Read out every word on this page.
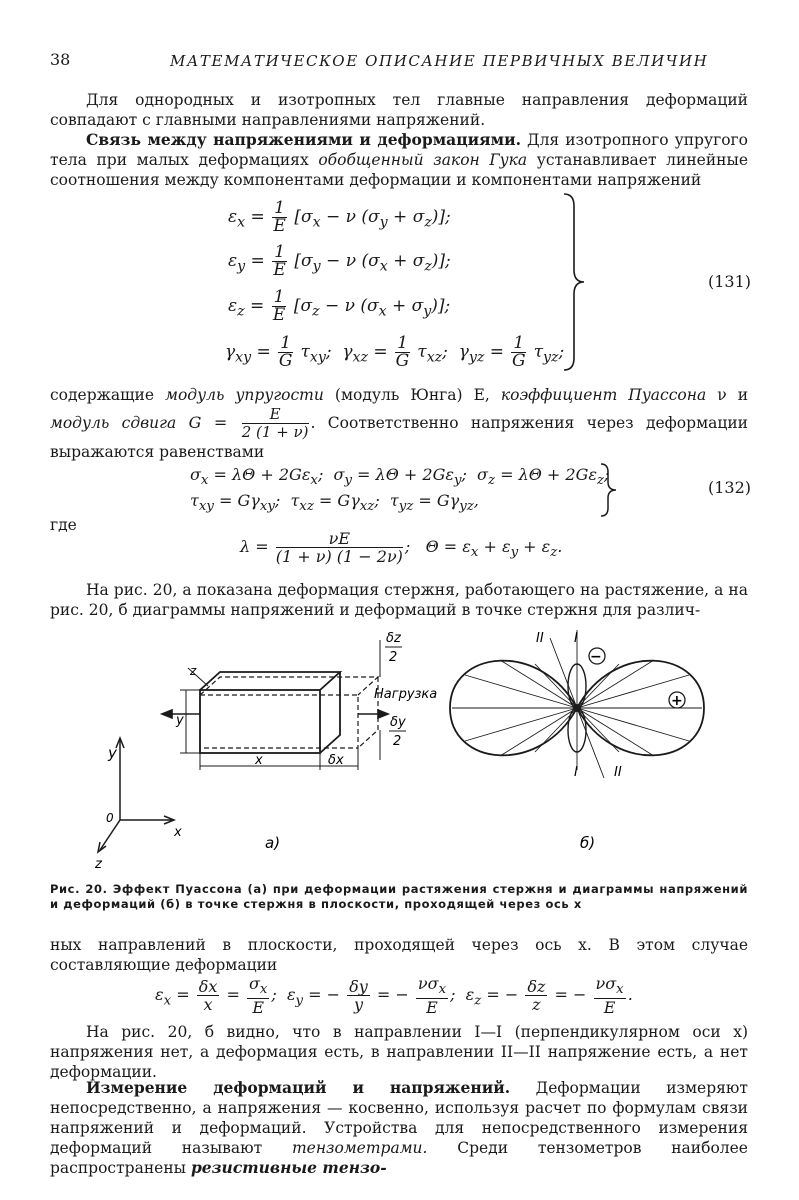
38	МАТЕМАТИЧЕСКОЕ ОПИСАНИЕ ПЕРВИЧНЫХ ВЕЛИЧИН
Для однородных и изотропных тел главные направления деформаций совпадают с главными направлениями напряжений.
Связь между напряжениями и деформациями. Для изотропного упругого тела при малых деформациях обобщенный закон Гука устанавливает линейные соотношения между компонентами деформации и компонентами напряжений
$\varepsilon_x = \frac{1}{E} [\sigma_x - \nu$ $(\sigma_y + \sigma_z)$];
$\varepsilon_y = \frac{1}{E} [\sigma_y - \nu$ $(\sigma_x + \sigma_z)$];
$\varepsilon_z = \frac{1}{E} [\sigma_z - \nu$ $(\sigma_x + \sigma_y)$];
$\gamma_{xy} = \frac{1}{G} \tau_{xy}$;  $\gamma_{xz} = \frac{1}{G} \tau_{xz}$;  $\gamma_{yz} = \frac{1}{G} \tau_{yz}$;
(131)
содержащие модуль упругости (модуль Юнга) E, коэффициент Пуассона ν и модуль сдвига $G = \frac{E}{2 (1 + \nu)}$ . Соответственно напряжения через деформации выражаются равенствами
$\sigma_x = \lambda\Theta + 2G\varepsilon_x$;  $\sigma_y = \lambda\Theta + 2G\varepsilon_y$;  $\sigma_z = \lambda\Theta + 2G\varepsilon_z$;
$\tau_{xy} = G\gamma_{xy}$;  $\tau_{xz} = G\gamma_{xz}$;  $\tau_{yz} = G\gamma_{yz}$,
(132)
где
$\lambda = \frac{\nu E}{(1 + \nu) (1 - 2\nu)}$ ;   $\Theta = \varepsilon_x + \varepsilon_y + \varepsilon_z$.
На рис. 20, а показана деформация стержня, работающего на растяжение, а на рис. 20, б диаграммы напряжений и деформаций в точке стержня для различ-
y
x
z
0
Нагрузка
y
z
x	δx
δz
2
δy
2
а)
−
+
II I
I	II
б)
Рис. 20. Эффект Пуассона (а) при деформации растяжения стержня и диаграммы напряжений и деформаций (б) в точке стержня в плоскости, проходящей через ось x
ных направлений в плоскости, проходящей через ось x. В этом случае составляющие деформации
$\varepsilon_x = \frac{\delta x}{x} = \frac{\sigma_x}{E}$ ;  $\varepsilon_y$ = − $\frac{\delta y}{y}$ = − $\frac{\nu\sigma_x}{E}$ ;  $\varepsilon_z$ = − $\frac{\delta z}{z}$ = − $\frac{\nu\sigma_x}{E}$ .
На рис. 20, б видно, что в направлении I—I (перпендикулярном оси x) напряжения нет, а деформация есть, в направлении II—II напряжение есть, а нет деформации.
Измерение деформаций и напряжений. Деформации измеряют непосредственно, а напряжения — косвенно, используя расчет по формулам связи напряжений и деформаций. Устройства для непосредственного измерения деформаций называют тензометрами. Среди тензометров наиболее распространены резистивные тензо-
